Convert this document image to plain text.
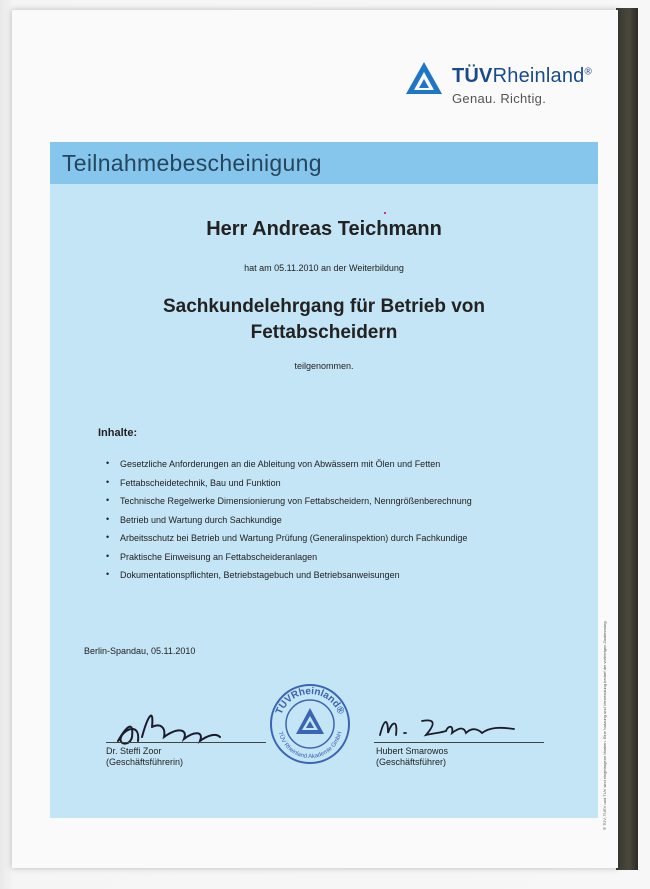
TÜVRheinland®
Genau. Richtig.
Teilnahmebescheinigung
Herr Andreas Teichmann
hat am 05.11.2010 an der Weiterbildung
Sachkundelehrgang für Betrieb von
Fettabscheidern
teilgenommen.
Inhalte:
• Gesetzliche Anforderungen an die Ableitung von Abwässern mit Ölen und Fetten
• Fettabscheidetechnik, Bau und Funktion
• Technische Regelwerke Dimensionierung von Fettabscheidern, Nenngrößenberechnung
• Betrieb und Wartung durch Sachkundige
• Arbeitsschutz bei Betrieb und Wartung Prüfung (Generalinspektion) durch Fachkundige
• Praktische Einweisung an Fettabscheideranlagen
• Dokumentationspflichten, Betriebstagebuch und Betriebsanweisungen
Berlin-Spandau, 05.11.2010
Dr. Steffi Zoor
(Geschäftsführerin)
TÜVRheinland®
TÜV Rheinland Akademie GmbH
Hubert Smarowos
(Geschäftsführer)	® TÜV, TUEV und TUV sind eingetragene Marken. Eine Nutzung und Verwendung bedarf der vorherigen Zustimmung.
